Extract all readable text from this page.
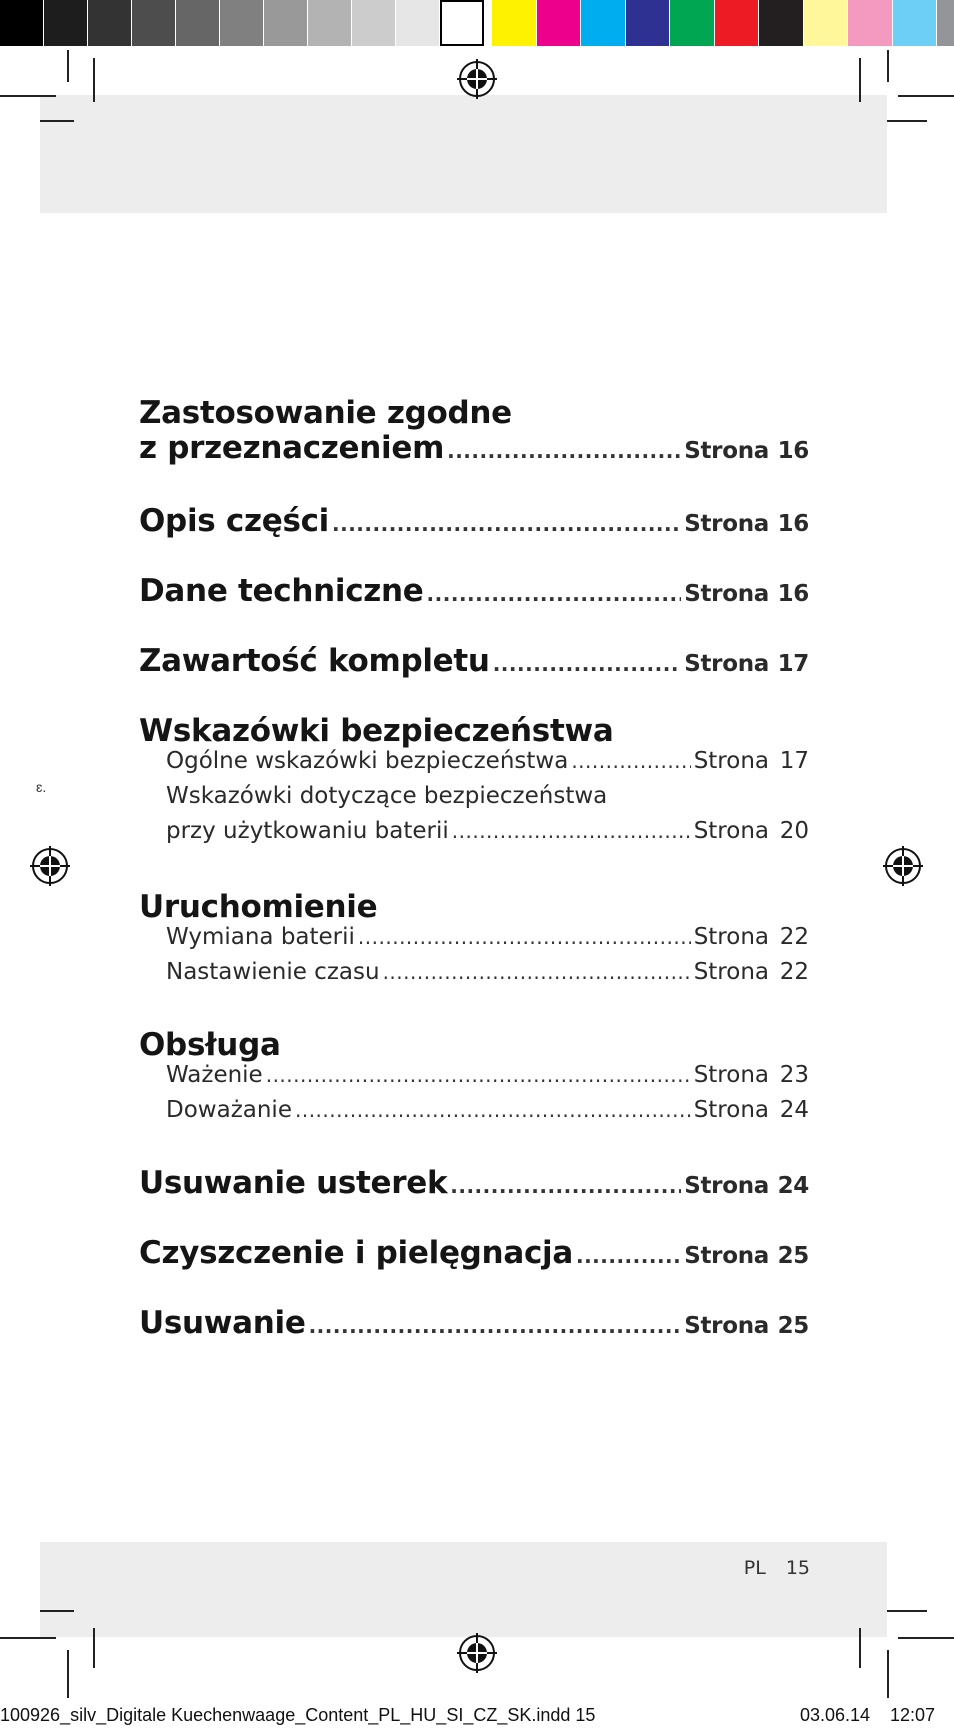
ɛ.
Zastosowanie zgodne
z przeznaczeniem .....	Strona 16
Opis części .....	Strona 16
Dane techniczne .....	Strona 16
Zawartość kompletu .....	Strona 17
Wskazówki bezpieczeństwa
Ogólne wskazówki bezpieczeństwa .....	Strona 17
Wskazówki dotyczące bezpieczeństwa
przy użytkowaniu baterii .....	Strona 20
Uruchomienie
Wymiana baterii .....	Strona 22
Nastawienie czasu .....	Strona 22
Obsługa
Ważenie .....	Strona 23
Doważanie .....	Strona 24
Usuwanie usterek .....	Strona 24
Czyszczenie i pielęgnacja .....	Strona 25
Usuwanie .....	Strona 25
PL 15
100926_silv_Digitale Kuechenwaage_Content_PL_HU_SI_CZ_SK.indd 15	03.06.14 12:07
